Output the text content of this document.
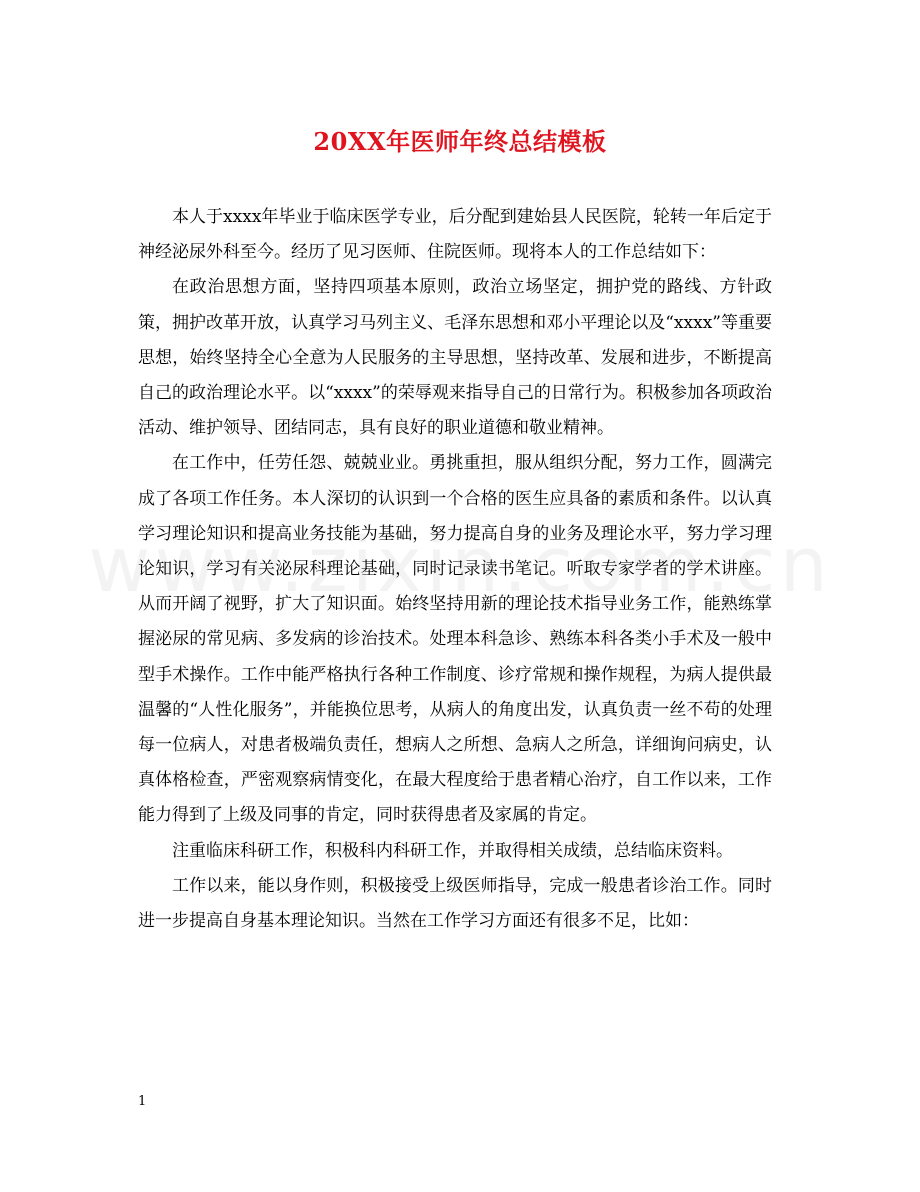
20XX年医师年终总结模板

本人于xxxx年毕业于临床医学专业，后分配到建始县人民医院，轮转一年后定于神经泌尿外科至今。经历了见习医师、住院医师。现将本人的工作总结如下：

在政治思想方面，坚持四项基本原则，政治立场坚定，拥护党的路线、方针政策，拥护改革开放，认真学习马列主义、毛泽东思想和邓小平理论以及“xxxx”等重要思想，始终坚持全心全意为人民服务的主导思想，坚持改革、发展和进步，不断提高自己的政治理论水平。以“xxxx”的荣辱观来指导自己的日常行为。积极参加各项政治活动、维护领导、团结同志，具有良好的职业道德和敬业精神。

在工作中，任劳任怨、兢兢业业。勇挑重担，服从组织分配，努力工作，圆满完成了各项工作任务。本人深切的认识到一个合格的医生应具备的素质和条件。以认真学习理论知识和提高业务技能为基础，努力提高自身的业务及理论水平，努力学习理论知识，学习有关泌尿科理论基础，同时记录读书笔记。听取专家学者的学术讲座。从而开阔了视野，扩大了知识面。始终坚持用新的理论技术指导业务工作，能熟练掌握泌尿的常见病、多发病的诊治技术。处理本科急诊、熟练本科各类小手术及一般中型手术操作。工作中能严格执行各种工作制度、诊疗常规和操作规程，为病人提供最温馨的“人性化服务”，并能换位思考，从病人的角度出发，认真负责一丝不苟的处理每一位病人，对患者极端负责任，想病人之所想、急病人之所急，详细询问病史，认真体格检查，严密观察病情变化，在最大程度给于患者精心治疗，自工作以来，工作能力得到了上级及同事的肯定，同时获得患者及家属的肯定。

注重临床科研工作，积极科内科研工作，并取得相关成绩，总结临床资料。

工作以来，能以身作则，积极接受上级医师指导，完成一般患者诊治工作。同时进一步提高自身基本理论知识。当然在工作学习方面还有很多不足，比如：

1
